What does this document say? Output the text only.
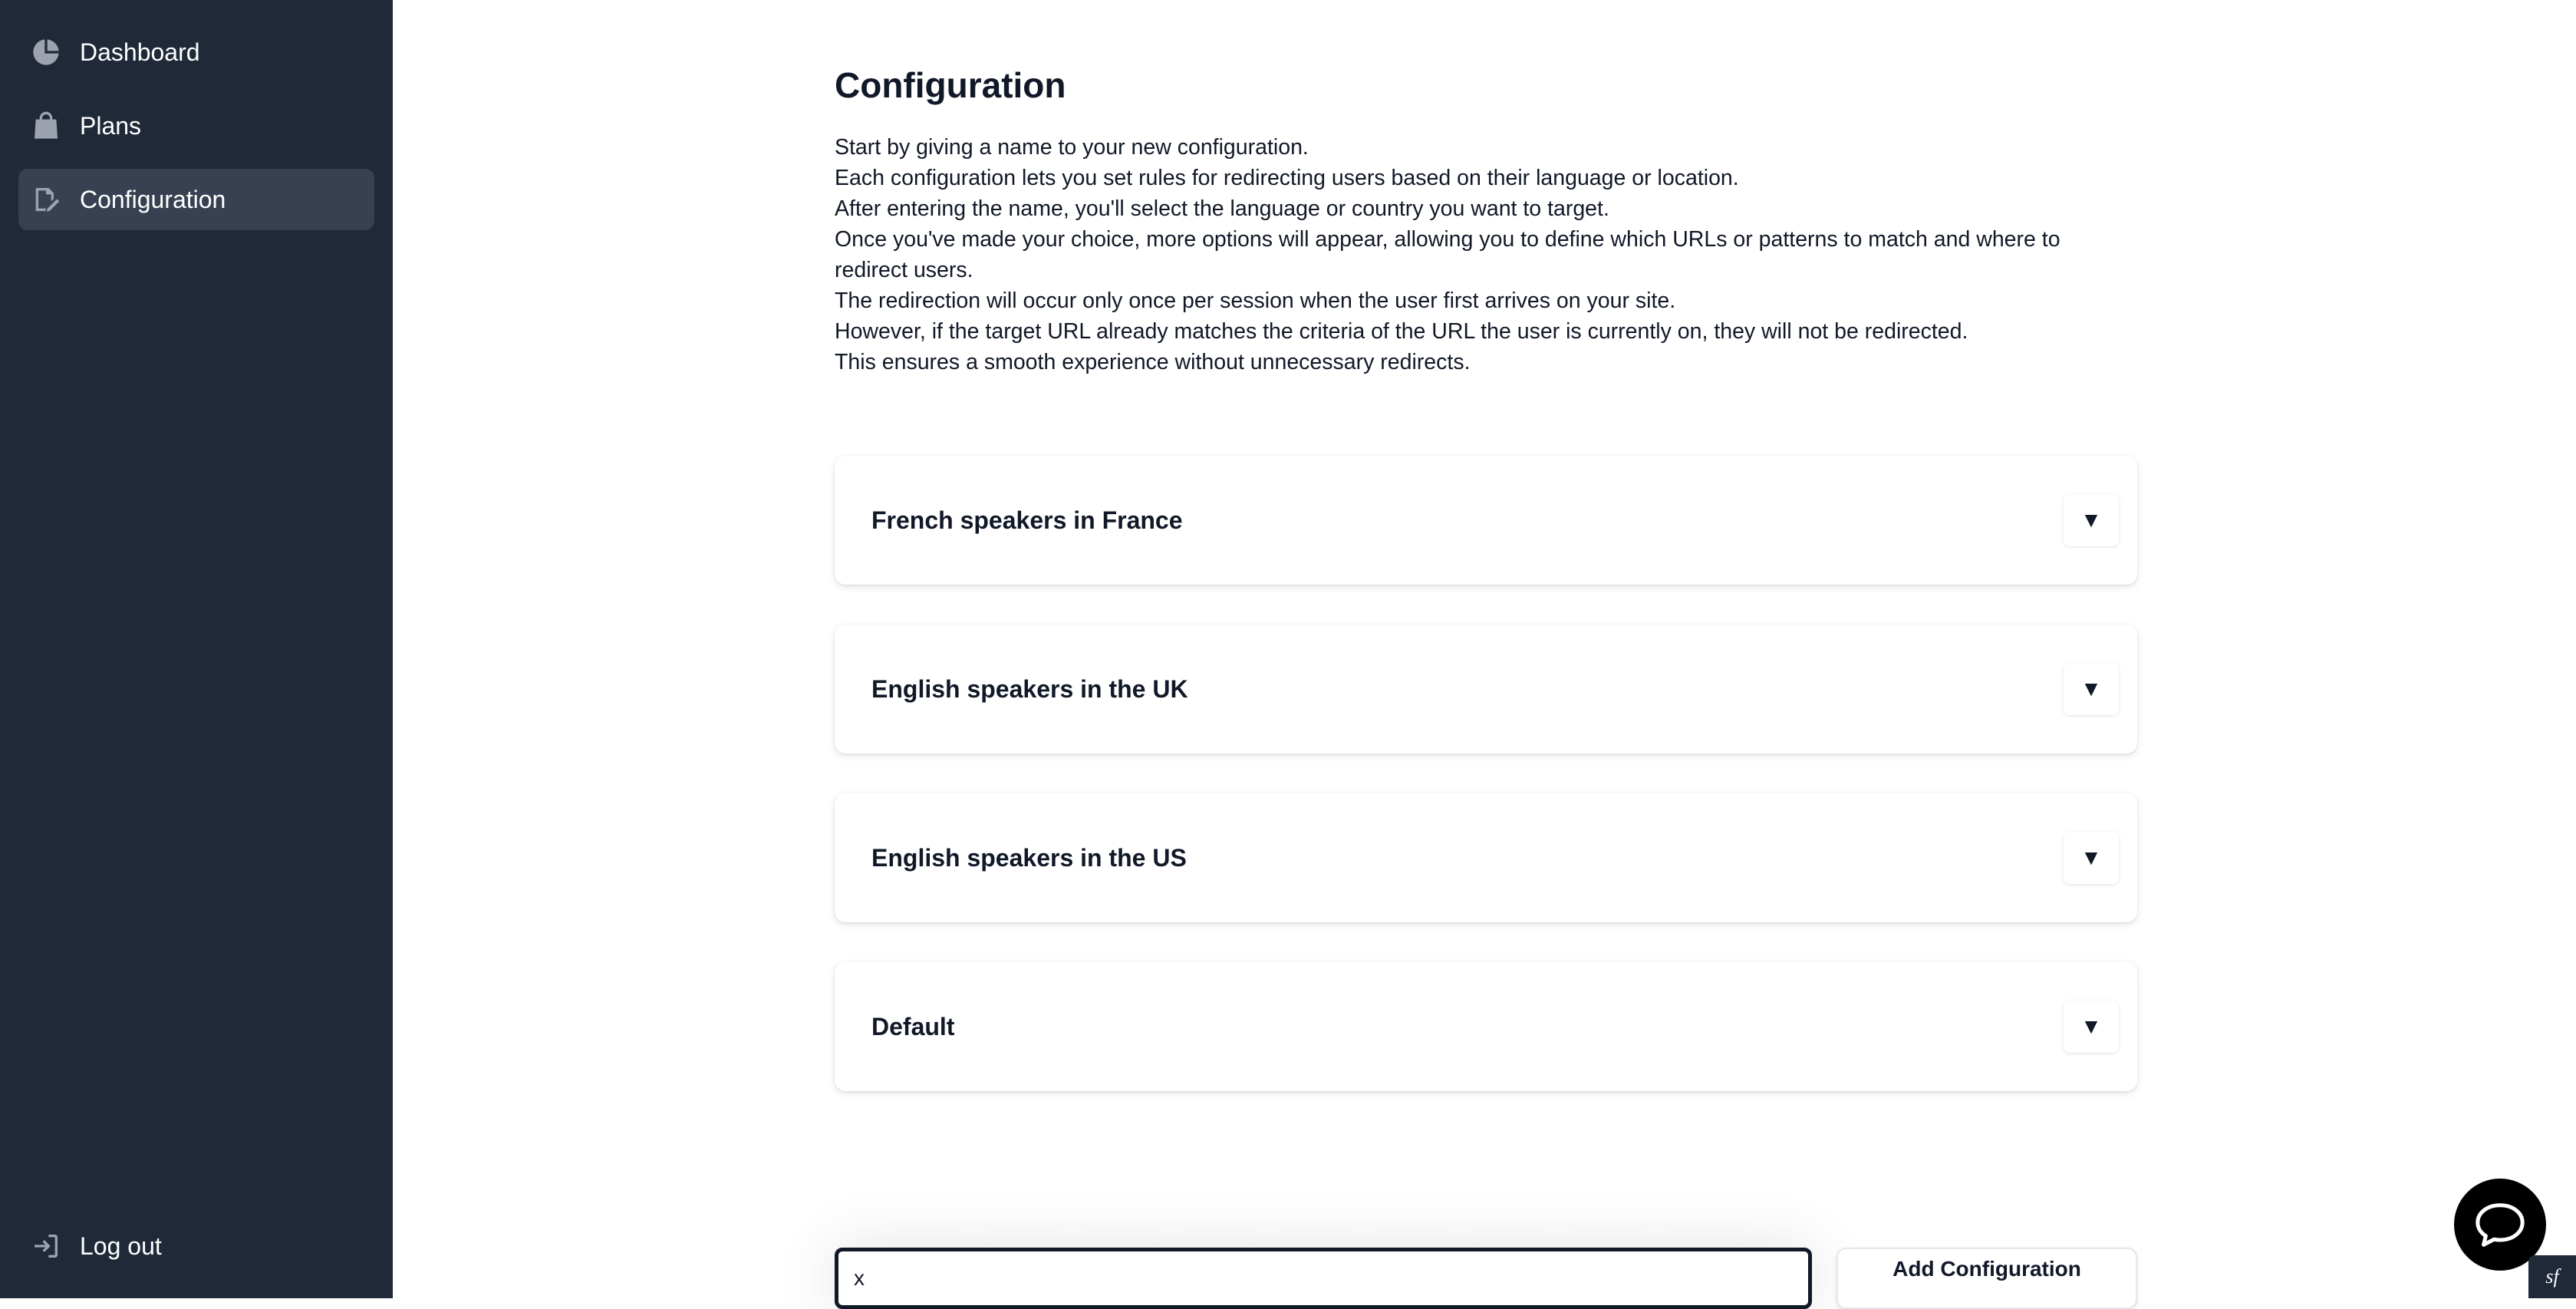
Dashboard
Plans
Configuration
Log out
Configuration

Start by giving a name to your new configuration.

Each configuration lets you set rules for redirecting users based on their language or location.

After entering the name, you'll select the language or country you want to target.

Once you've made your choice, more options will appear, allowing you to define which URLs or patterns to match and where to redirect users.

The redirection will occur only once per session when the user first arrives on your site.

However, if the target URL already matches the criteria of the URL the user is currently on, they will not be redirected.

This ensures a smooth experience without unnecessary redirects.

French speakers in France	▼
English speakers in the UK	▼
English speakers in the US	▼
Default	▼
x
Add Configuration	sf
